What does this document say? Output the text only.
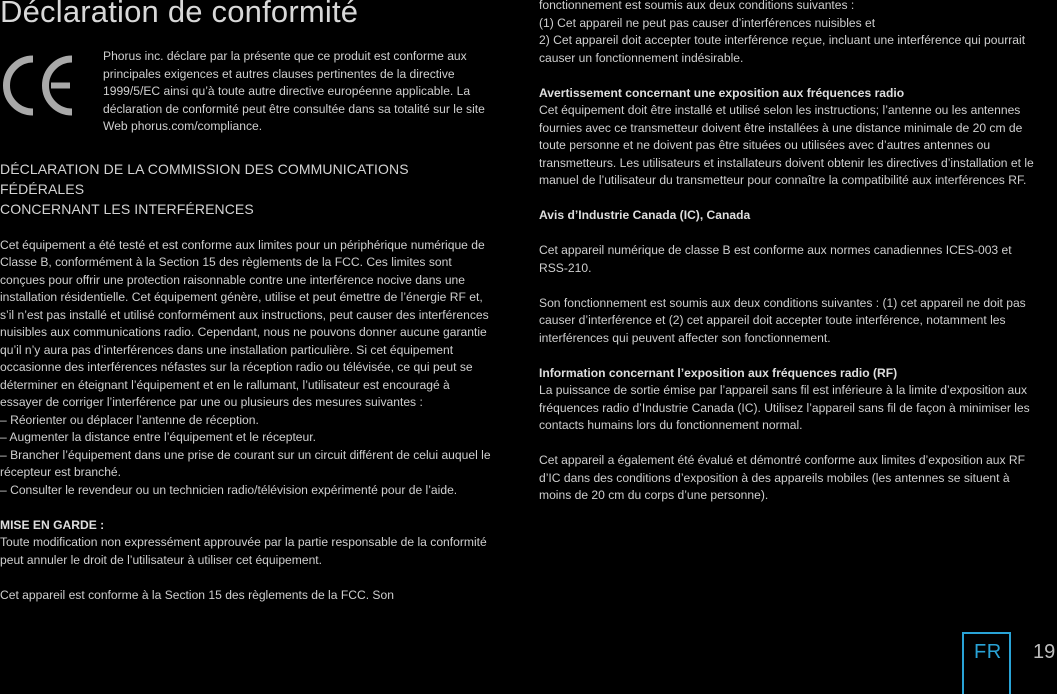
Déclaration de conformité

Phorus inc. déclare par la présente que ce produit est conforme aux principales exigences et autres clauses pertinentes de la directive 1999/5/EC ainsi qu’à toute autre directive européenne applicable. La déclaration de conformité peut être consultée dans sa totalité sur le site Web phorus.com/compliance.

DÉCLARATION DE LA COMMISSION DES COMMUNICATIONS FÉDÉRALES
CONCERNANT LES INTERFÉRENCES

Cet équipement a été testé et est conforme aux limites pour un périphérique numérique de Classe B, conformément à la Section 15 des règlements de la FCC. Ces limites sont conçues pour offrir une protection raisonnable contre une interférence nocive dans une installation résidentielle. Cet équipement génère, utilise et peut émettre de l’énergie RF et, s’il n’est pas installé et utilisé conformément aux instructions, peut causer des interférences nuisibles aux communications radio. Cependant, nous ne pouvons donner aucune garantie qu’il n’y aura pas d’interférences dans une installation particulière. Si cet équipement occasionne des interférences néfastes sur la réception radio ou télévisée, ce qui peut se déterminer en éteignant l’équipement et en le rallumant, l’utilisateur est encouragé à essayer de corriger l’interférence par une ou plusieurs des mesures suivantes :

– Réorienter ou déplacer l’antenne de réception.

– Augmenter la distance entre l’équipement et le récepteur.

– Brancher l’équipement dans une prise de courant sur un circuit différent de celui auquel le récepteur est branché.

– Consulter le revendeur ou un technicien radio/télévision expérimenté pour de l’aide.

MISE EN GARDE :

Toute modification non expressément approuvée par la partie responsable de la conformité peut annuler le droit de l’utilisateur à utiliser cet équipement.

Cet appareil est conforme à la Section 15 des règlements de la FCC. Son

fonctionnement est soumis aux deux conditions suivantes :

(1) Cet appareil ne peut pas causer d’interférences nuisibles et

2) Cet appareil doit accepter toute interférence reçue, incluant une interférence qui pourrait causer un fonctionnement indésirable.

Avertissement concernant une exposition aux fréquences radio

Cet équipement doit être installé et utilisé selon les instructions; l’antenne ou les antennes fournies avec ce transmetteur doivent être installées à une distance minimale de 20 cm de toute personne et ne doivent pas être situées ou utilisées avec d’autres antennes ou transmetteurs. Les utilisateurs et installateurs doivent obtenir les directives d’installation et le manuel de l’utilisateur du transmetteur pour connaître la compatibilité aux interférences RF.

Avis d’Industrie Canada (IC), Canada

Cet appareil numérique de classe B est conforme aux normes canadiennes ICES-003 et RSS-210.

Son fonctionnement est soumis aux deux conditions suivantes : (1) cet appareil ne doit pas causer d’interférence et (2) cet appareil doit accepter toute interférence, notamment les interférences qui peuvent affecter son fonctionnement.

Information concernant l’exposition aux fréquences radio (RF)

La puissance de sortie émise par l’appareil sans fil est inférieure à la limite d’exposition aux fréquences radio d’Industrie Canada (IC). Utilisez l’appareil sans fil de façon à minimiser les contacts humains lors du fonctionnement normal.

Cet appareil a également été évalué et démontré conforme aux limites d’exposition aux RF d’IC dans des conditions d’exposition à des appareils mobiles (les antennes se situent à moins de 20 cm du corps d’une personne).

FR 19
